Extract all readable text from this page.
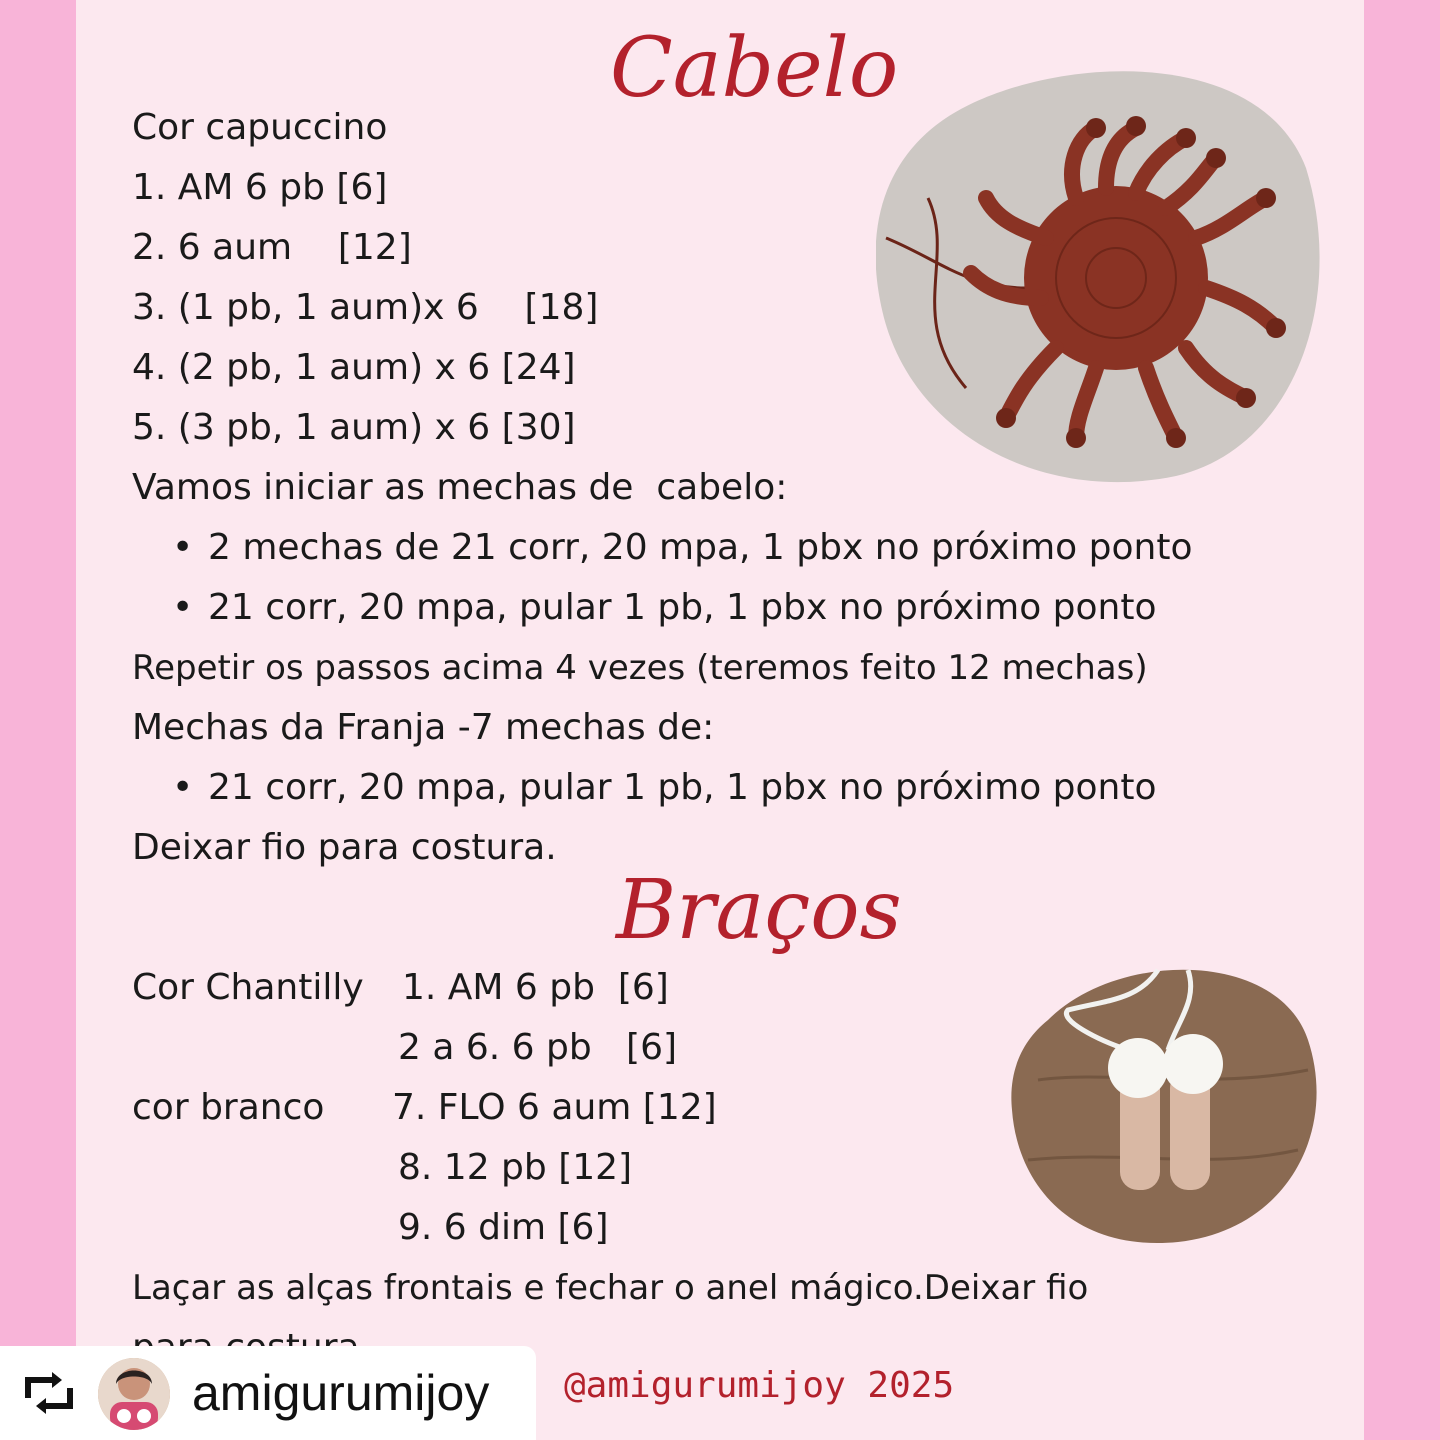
Cabelo

Cor capuccino

1. AM 6 pb [6]

2. 6 aum    [12]

3. (1 pb, 1 aum)x 6    [18]

4. (2 pb, 1 aum) x 6 [24]

5. (3 pb, 1 aum) x 6 [30]

Vamos iniciar as mechas de  cabelo:

• 2 mechas de 21 corr, 20 mpa, 1 pbx no próximo ponto

• 21 corr, 20 mpa, pular 1 pb, 1 pbx no próximo ponto

Repetir os passos acima 4 vezes (teremos feito 12 mechas)

Mechas da Franja -7 mechas de:

• 21 corr, 20 mpa, pular 1 pb, 1 pbx no próximo ponto

Deixar fio para costura.

Braços

Cor Chantilly 1. AM 6 pb  [6]

2 a 6. 6 pb   [6]

cor branco 7. FLO 6 aum [12]

8. 12 pb [12]

9. 6 dim [6]

Laçar as alças frontais e fechar o anel mágico.Deixar fio

amigurumijoy @amigurumijoy 2025
